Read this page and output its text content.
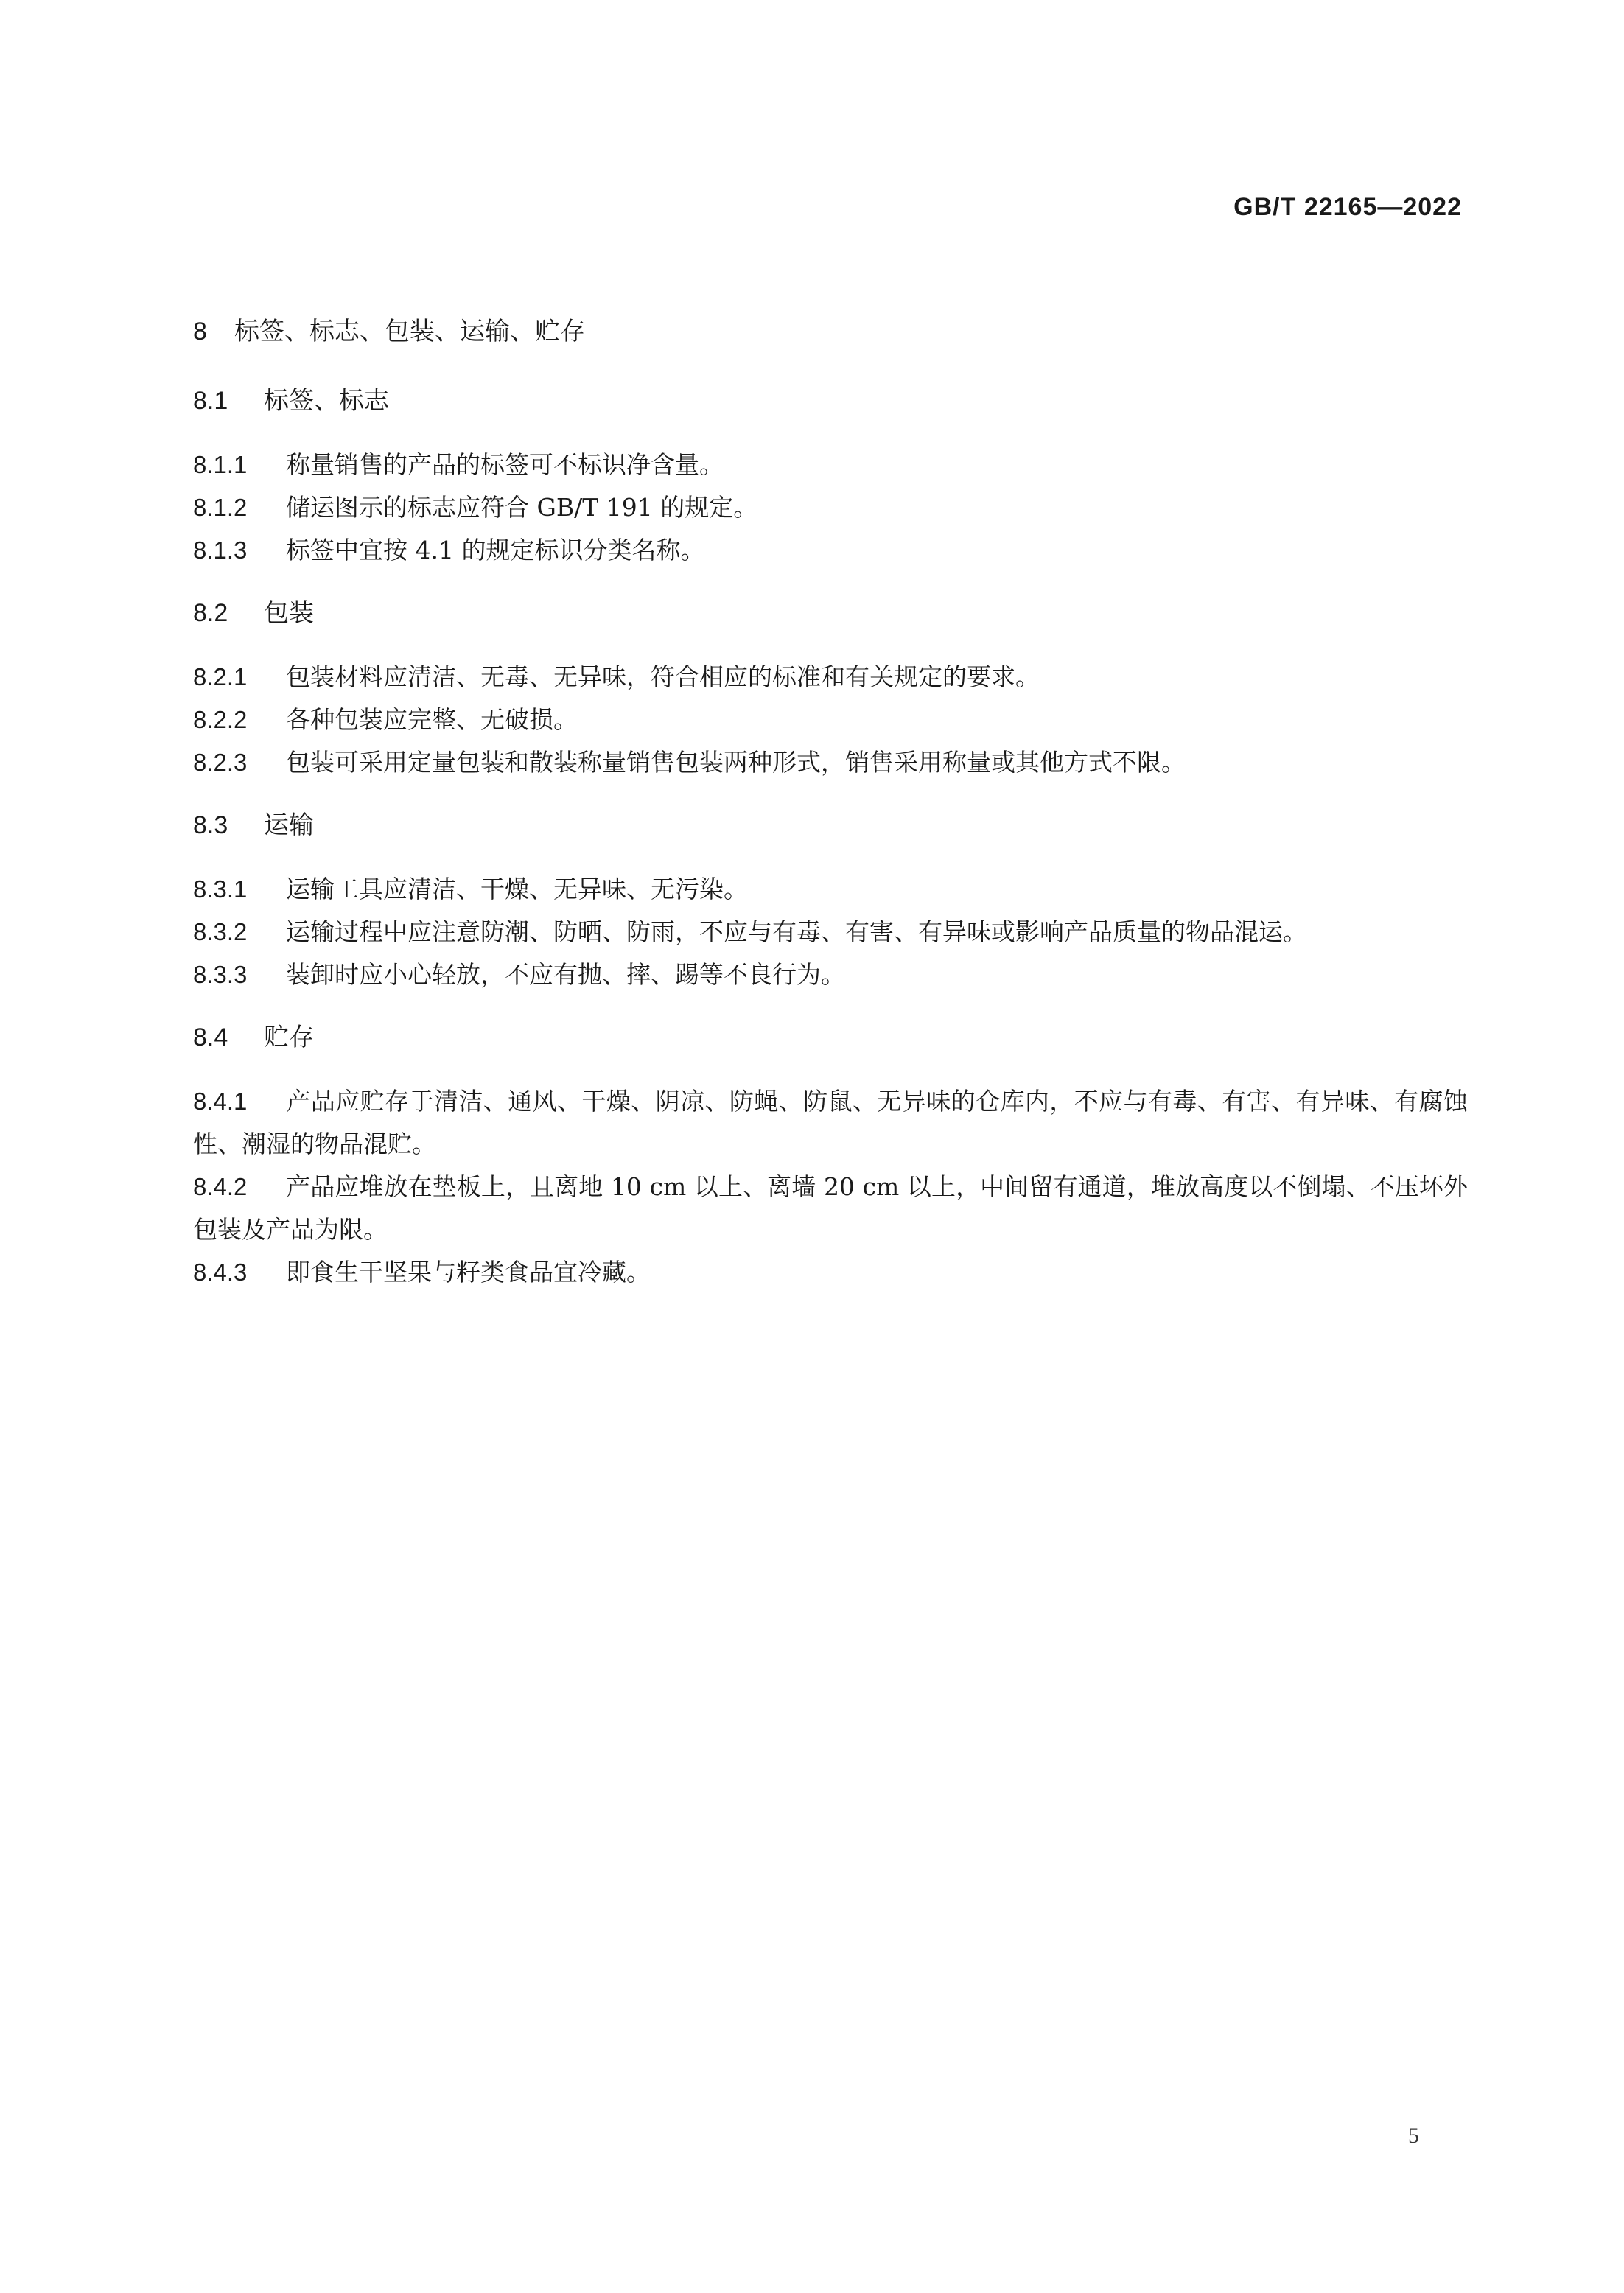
GB/T 22165—2022
8 标签、标志、包装、运输、贮存
8.1 标签、标志
8.1.1 称量销售的产品的标签可不标识净含量。
8.1.2 储运图示的标志应符合 GB/T 191 的规定。
8.1.3 标签中宜按 4.1 的规定标识分类名称。
8.2 包装
8.2.1 包装材料应清洁、无毒、无异味，符合相应的标准和有关规定的要求。
8.2.2 各种包装应完整、无破损。
8.2.3 包装可采用定量包装和散装称量销售包装两种形式，销售采用称量或其他方式不限。
8.3 运输
8.3.1 运输工具应清洁、干燥、无异味、无污染。
8.3.2 运输过程中应注意防潮、防晒、防雨，不应与有毒、有害、有异味或影响产品质量的物品混运。
8.3.3 装卸时应小心轻放，不应有抛、摔、踢等不良行为。
8.4 贮存
8.4.1 产品应贮存于清洁、通风、干燥、阴凉、防蝇、防鼠、无异味的仓库内，不应与有毒、有害、有异味、有腐蚀性、潮湿的物品混贮。
8.4.2 产品应堆放在垫板上，且离地 10 cm 以上、离墙 20 cm 以上，中间留有通道，堆放高度以不倒塌、不压坏外包装及产品为限。
8.4.3 即食生干坚果与籽类食品宜冷藏。
5
